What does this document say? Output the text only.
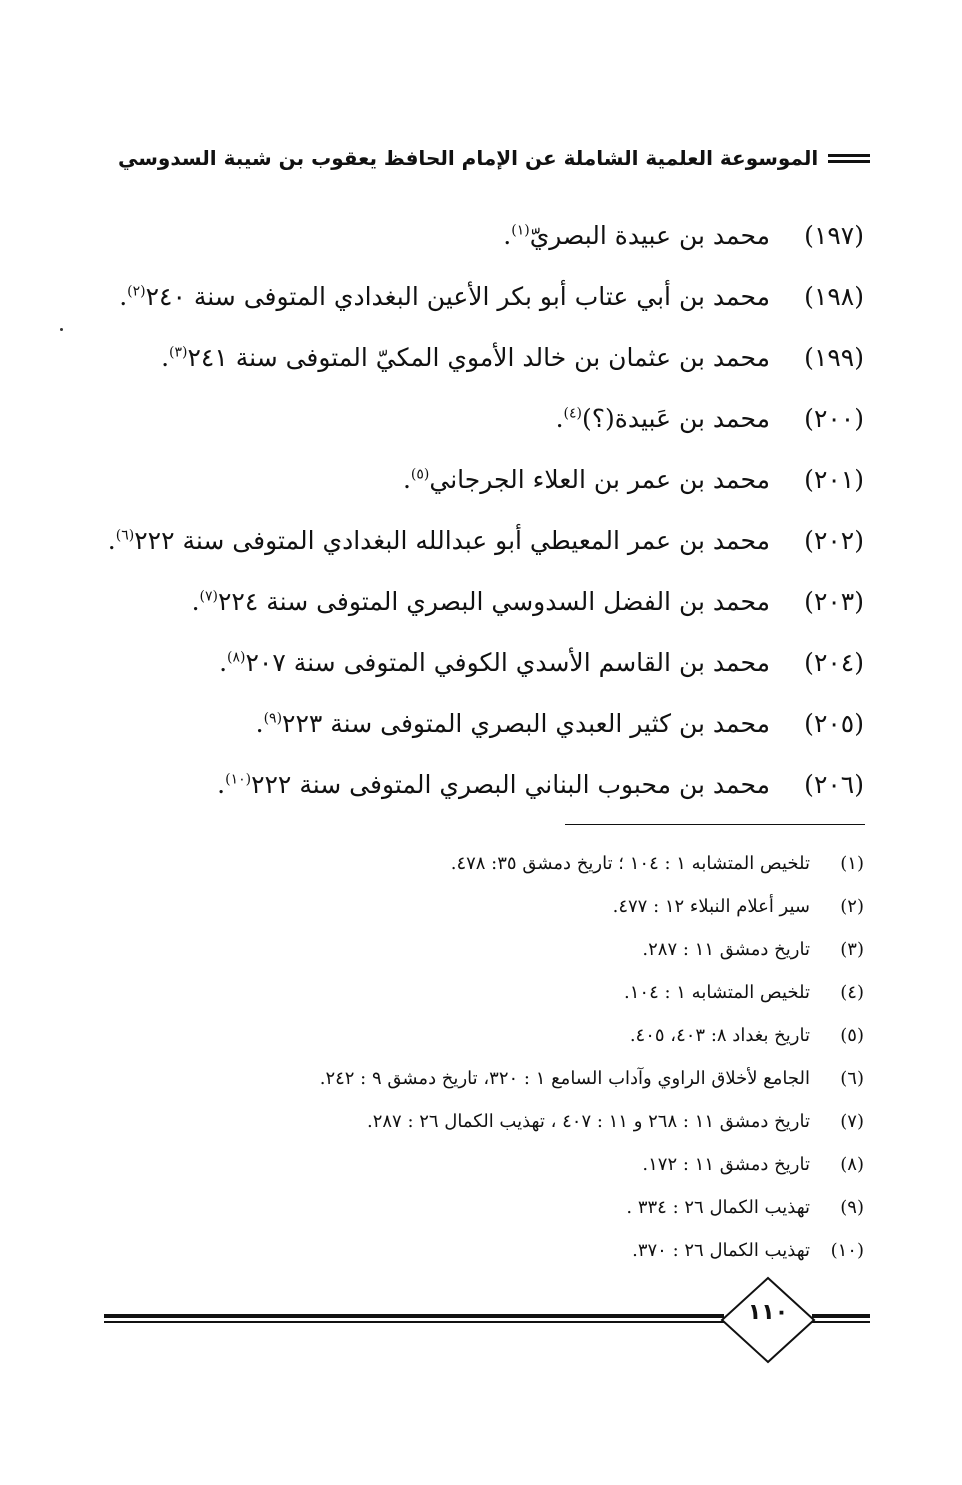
الموسوعة العلمية الشاملة عن الإمام الحافظ يعقوب بن شيبة السدوسي
(١٩٧)
محمد بن عبيدة البصريّ$^{(١)}$.
(١٩٨)
محمد بن أبي عتاب أبو بكر الأعين البغدادي المتوفى سنة ٢٤٠$^{(٢)}$.
(١٩٩)
محمد بن عثمان بن خالد الأموي المكيّ المتوفى سنة ٢٤١$^{(٣)}$.
(٢٠٠)
محمد بن عَبيدة(؟)$^{(٤)}$.
(٢٠١)
محمد بن عمر بن العلاء الجرجاني$^{(٥)}$.
(٢٠٢)
محمد بن عمر المعيطي أبو عبدالله البغدادي المتوفى سنة ٢٢٢$^{(٦)}$.
(٢٠٣)
محمد بن الفضل السدوسي البصري المتوفى سنة ٢٢٤$^{(٧)}$.
(٢٠٤)
محمد بن القاسم الأسدي الكوفي المتوفى سنة ٢٠٧$^{(٨)}$.
(٢٠٥)
محمد بن كثير العبدي البصري المتوفى سنة ٢٢٣$^{(٩)}$.
(٢٠٦)
محمد بن محبوب البناني البصري المتوفى سنة ٢٢٢$^{(١٠)}$.
(١)
تلخيص المتشابه ١ : ١٠٤ ؛ تاريخ دمشق ٣٥: ٤٧٨.
(٢)
سير أعلام النبلاء ١٢ : ٤٧٧.
(٣)
تاريخ دمشق ١١ : ٢٨٧.
(٤)
تلخيص المتشابه ١ : ١٠٤.
(٥)
تاريخ بغداد ٨: ٤٠٣، ٤٠٥.
(٦)
الجامع لأخلاق الراوي وآداب السامع ١ : ٣٢٠، تاريخ دمشق ٩ : ٢٤٢.
(٧)
تاريخ دمشق ١١ : ٢٦٨ و ١١ : ٤٠٧ ، تهذيب الكمال ٢٦ : ٢٨٧.
(٨)
تاريخ دمشق ١١ : ١٧٢.
(٩)
تهذيب الكمال ٢٦ : ٣٣٤ .
(١٠)
تهذيب الكمال ٢٦ : ٣٧٠.
١١٠
